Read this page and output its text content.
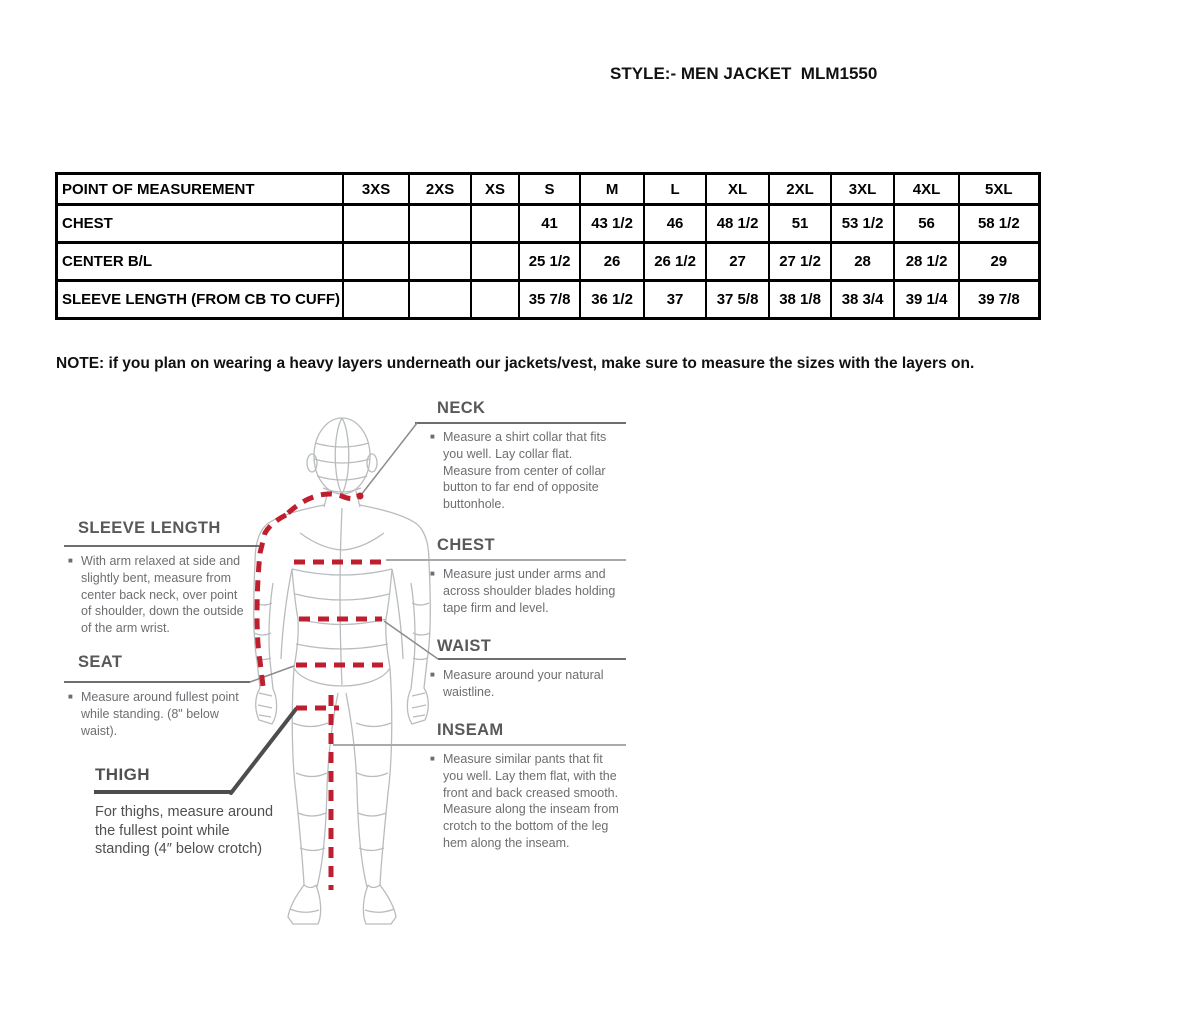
STYLE:- MEN JACKET  MLM1550
POINT OF MEASUREMENT	3XS	2XS	XS	S	M	L	XL	2XL	3XL	4XL	5XL
CHEST				41	43 1/2	46	48 1/2	51	53 1/2	56	58 1/2
CENTER B/L				25 1/2	26	26 1/2	27	27 1/2	28	28 1/2	29
SLEEVE LENGTH (FROM CB TO CUFF)				35 7/8	36 1/2	37	37 5/8	38 1/8	38 3/4	39 1/4	39 7/8
NOTE: if you plan on wearing a heavy layers underneath our jackets/vest, make sure to measure the sizes with the layers on.
NECK
■ Measure a shirt collar that fits you well. Lay collar flat. Measure from center of collar button to far end of opposite buttonhole.
CHEST
■ Measure just under arms and across shoulder blades holding tape firm and level.
WAIST
■ Measure around your natural waistline.
INSEAM
■ Measure similar pants that fit you well. Lay them flat, with the front and back creased smooth. Measure along the inseam from crotch to the bottom of the leg hem along the inseam.
SLEEVE LENGTH
■ With arm relaxed at side and slightly bent, measure from center back neck, over point of shoulder, down the outside of the arm wrist.
SEAT
■ Measure around fullest point while standing. (8" below waist).
THIGH
For thighs, measure around the fullest point while standing (4″ below crotch)
